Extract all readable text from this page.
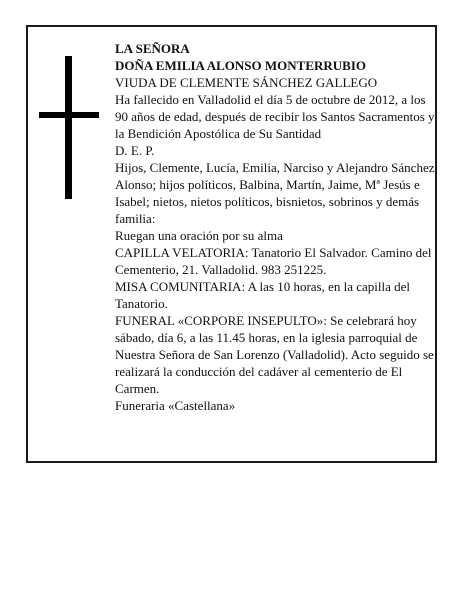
LA SEÑORA

DOÑA EMILIA ALONSO MONTERRUBIO

VIUDA DE CLEMENTE SÁNCHEZ GALLEGO

Ha fallecido en Valladolid el día 5 de octubre de 2012, a los 90 años de edad, después de recibir los Santos Sacramentos y la Bendición Apostólica de Su Santidad

D. E. P.

Hijos, Clemente, Lucía, Emilia, Narciso y Alejandro Sánchez Alonso; hijos políticos, Balbina, Martín, Jaime, Mª Jesús e Isabel; nietos, nietos políticos, bisnietos, sobrinos y demás familia:

Ruegan una oración por su alma

CAPILLA VELATORIA: Tanatorio El Salvador. Camino del Cementerio, 21. Valladolid. 983 251225.

MISA COMUNITARIA: A las 10 horas, en la capilla del Tanatorio.

FUNERAL «CORPORE INSEPULTO»: Se celebrará hoy sábado, día 6, a las 11.45 horas, en la iglesia parroquial de Nuestra Señora de San Lorenzo (Valladolid). Acto seguido se realizará la conducción del cadáver al cementerio de El Carmen.

Funeraria «Castellana»
